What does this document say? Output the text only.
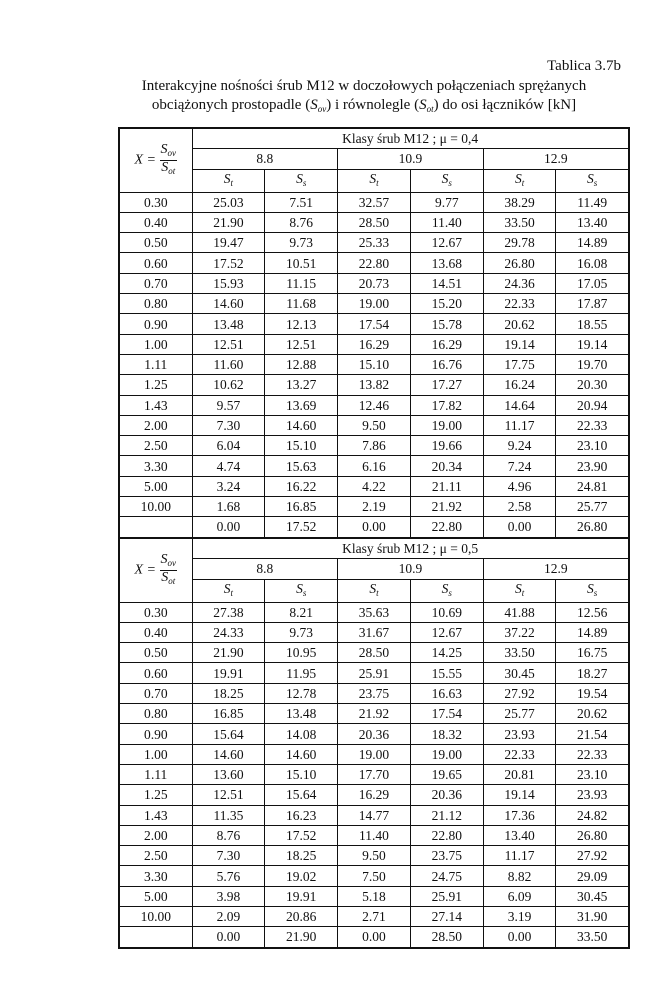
Tablica 3.7b
Interakcyjne nośności śrub M12 w doczołowych połączeniach sprężanych
obciążonych prostopadle $(S_{ov})$ i równolegle $(S_{ot})$ do osi łączników [kN]
$X = \frac{S_{ov}}{S_{ot}}$	Klasy śrub M12 ; μ = 0,4					
	8.8		10.9		12.9	
	$S_t$	$S_s$	$S_t$	$S_s$	$S_t$	$S_s$
0.30	25.03	7.51	32.57	9.77	38.29	11.49
0.40	21.90	8.76	28.50	11.40	33.50	13.40
0.50	19.47	9.73	25.33	12.67	29.78	14.89
0.60	17.52	10.51	22.80	13.68	26.80	16.08
0.70	15.93	11.15	20.73	14.51	24.36	17.05
0.80	14.60	11.68	19.00	15.20	22.33	17.87
0.90	13.48	12.13	17.54	15.78	20.62	18.55
1.00	12.51	12.51	16.29	16.29	19.14	19.14
1.11	11.60	12.88	15.10	16.76	17.75	19.70
1.25	10.62	13.27	13.82	17.27	16.24	20.30
1.43	9.57	13.69	12.46	17.82	14.64	20.94
2.00	7.30	14.60	9.50	19.00	11.17	22.33
2.50	6.04	15.10	7.86	19.66	9.24	23.10
3.30	4.74	15.63	6.16	20.34	7.24	23.90
5.00	3.24	16.22	4.22	21.11	4.96	24.81
10.00	1.68	16.85	2.19	21.92	2.58	25.77
	0.00	17.52	0.00	22.80	0.00	26.80
$X = \frac{S_{ov}}{S_{ot}}$	Klasy śrub M12 ; μ = 0,5					
	8.8		10.9		12.9	
	$S_t$	$S_s$	$S_t$	$S_s$	$S_t$	$S_s$
0.30	27.38	8.21	35.63	10.69	41.88	12.56
0.40	24.33	9.73	31.67	12.67	37.22	14.89
0.50	21.90	10.95	28.50	14.25	33.50	16.75
0.60	19.91	11.95	25.91	15.55	30.45	18.27
0.70	18.25	12.78	23.75	16.63	27.92	19.54
0.80	16.85	13.48	21.92	17.54	25.77	20.62
0.90	15.64	14.08	20.36	18.32	23.93	21.54
1.00	14.60	14.60	19.00	19.00	22.33	22.33
1.11	13.60	15.10	17.70	19.65	20.81	23.10
1.25	12.51	15.64	16.29	20.36	19.14	23.93
1.43	11.35	16.23	14.77	21.12	17.36	24.82
2.00	8.76	17.52	11.40	22.80	13.40	26.80
2.50	7.30	18.25	9.50	23.75	11.17	27.92
3.30	5.76	19.02	7.50	24.75	8.82	29.09
5.00	3.98	19.91	5.18	25.91	6.09	30.45
10.00	2.09	20.86	2.71	27.14	3.19	31.90
	0.00	21.90	0.00	28.50	0.00	33.50
